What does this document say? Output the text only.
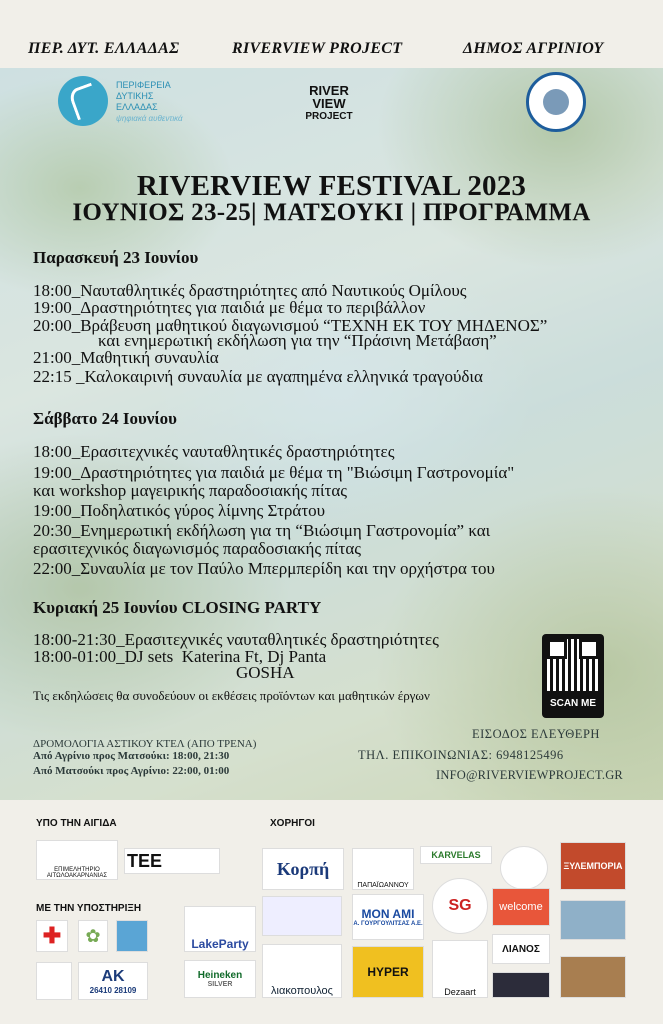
ΠΕΡ. ΔΥΤ. ΕΛΛΑΔΑΣ	RIVERVIEW PROJECT	ΔΗΜΟΣ ΑΓΡΙΝΙΟΥ
ΠΕΡΙΦΕΡΕΙΑ
ΔΥΤΙΚΗΣ
ΕΛΛΑΔΑΣ
ψηφιακά αυθεντικά
RIVER
VIEW
PROJECT
RIVERVIEW FESTIVAL 2023
ΙΟΥΝΙΟΣ 23-25| ΜΑΤΣΟΥΚΙ | ΠΡΟΓΡΑΜΜΑ
Παρασκευή 23 Ιουνίου
18:00_Ναυταθλητικές δραστηριότητες από Ναυτικούς Ομίλους
19:00_Δραστηριότητες για παιδιά με θέμα το περιβάλλον
20:00_Βράβευση μαθητικού διαγωνισμού “ΤΕΧΝΗ ΕΚ ΤΟΥ ΜΗΔΕΝΟΣ”
και ενημερωτική εκδήλωση για την “Πράσινη Μετάβαση”
21:00_Μαθητική συναυλία
22:15 _Καλοκαιρινή συναυλία με αγαπημένα ελληνικά τραγούδια
Σάββατο 24 Ιουνίου
18:00_Ερασιτεχνικές ναυταθλητικές δραστηριότητες
19:00_Δραστηριότητες για παιδιά με θέμα τη "Βιώσιμη Γαστρονομία"
και workshop μαγειρικής παραδοσιακής πίτας
19:00_Ποδηλατικός γύρος λίμνης Στράτου
20:30_Ενημερωτική εκδήλωση για τη “Βιώσιμη Γαστρονομία” και
ερασιτεχνικός διαγωνισμός παραδοσιακής πίτας
22:00_Συναυλία με τον Παύλο Μπερμπερίδη και την ορχήστρα του
Κυριακή 25 Ιουνίου CLOSING PARTY
18:00-21:30_Ερασιτεχνικές ναυταθλητικές δραστηριότητες
18:00-01:00_DJ sets  Katerina Ft, Dj Panta
GOSHA
Τις εκδηλώσεις θα συνοδεύουν οι εκθέσεις προϊόντων και μαθητικών έργων
SCAN ME
ΕΙΣΟΔΟΣ ΕΛΕΥΘΕΡΗ
ΤΗΛ. ΕΠΙΚΟΙΝΩΝΙΑΣ: 6948125496
INFO@RIVERVIEWPROJECT.GR
ΔΡΟΜΟΛΟΓΙΑ ΑΣΤΙΚΟΥ ΚΤΕΛ (ΑΠΟ ΤΡΕΝΑ)
Από Αγρίνιο προς Ματσούκι: 18:00, 21:30
Από Ματσούκι προς Αγρίνιο: 22:00, 01:00
ΥΠΟ ΤΗΝ ΑΙΓΙΔΑ	ΧΟΡΗΓΟΙ
ΜΕ ΤΗΝ ΥΠΟΣΤΗΡΙΞΗ
ΕΠΙΜΕΛΗΤΗΡΙΟ ΑΙΤΩΛΟΑΚΑΡΝΑΝΙΑΣ
ΤΕΕ
✚	✿
ΑΚ
26410 28109
Κορπή
ΠΑΠΑΪΩΑΝΝΟΥ
KARVELAS
ΞΥΛΕΜΠΟΡΙΑ
LakeParty
MON AMI
Α. ΓΟΥΡΓΟΥΛΙΤΣΑΣ Α.Ε.
SG	welcome
Heineken
SILVER
λιακοπουλος
HYPER
Dezaart
ΛΙΑΝΟΣ
